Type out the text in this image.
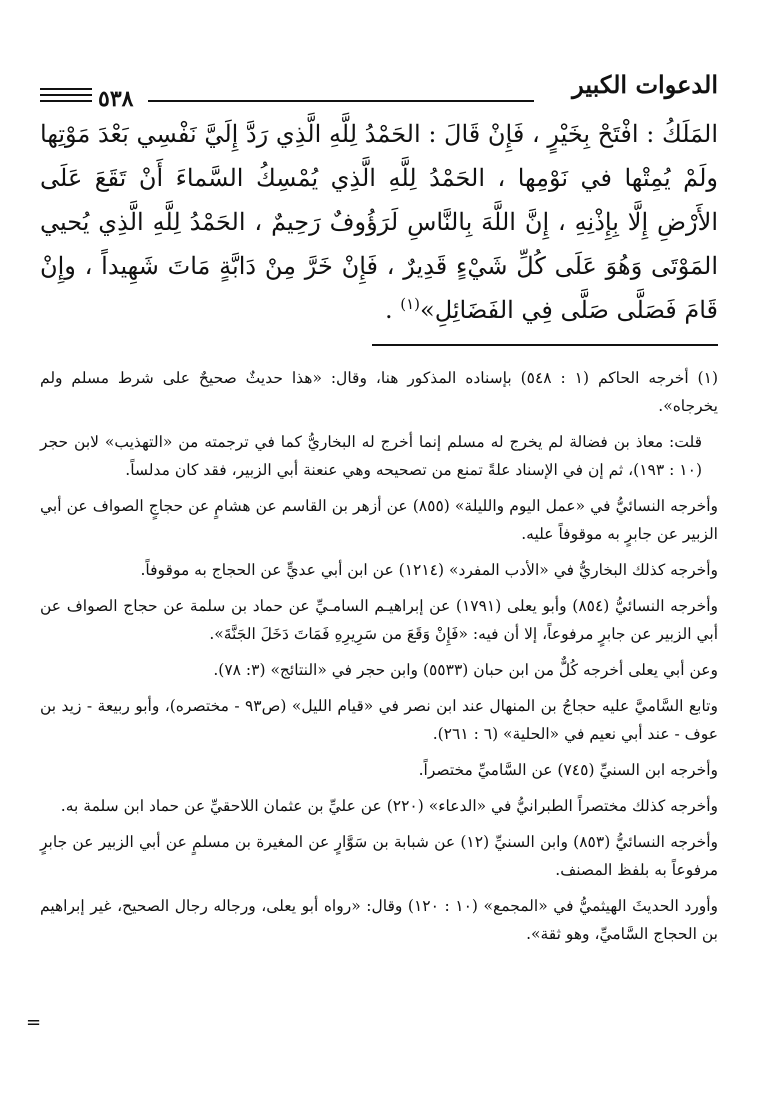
الدعوات الكبير
٥٣٨
المَلَكُ : افْتَحْ بِخَيْرٍ ، فَإِنْ قَالَ : الحَمْدُ لِلَّهِ الَّذِي رَدَّ إِلَيَّ نَفْسِي بَعْدَ مَوْتِها ولَمْ يُمِتْها في نَوْمِها ، الحَمْدُ لِلَّهِ الَّذِي يُمْسِكُ السَّماءَ أَنْ تَقَعَ عَلَى الأَرْضِ إِلَّا بِإِذْنِهِ ، إِنَّ اللَّهَ بِالنَّاسِ لَرَؤُوفٌ رَحِيمٌ ، الحَمْدُ لِلَّهِ الَّذِي يُحيي المَوْتَى وَهُوَ عَلَى كُلِّ شَيْءٍ قَدِيرٌ ، فَإِنْ خَرَّ مِنْ دَابَّةٍ مَاتَ شَهِيداً ، وإِنْ قَامَ فَصَلَّى صَلَّى فِي الفَضَائِلِ»$^{(١)}$ .

(١) أخرجه الحاكم (١ : ٥٤٨) بإسناده المذكور هنا، وقال: «هذا حديثٌ صحيحٌ على شرط مسلم ولم يخرجاه».

قلت: معاذ بن فضالة لم يخرج له مسلم إنما أخرج له البخاريُّ كما في ترجمته من «التهذيب» لابن حجر (١٠ : ١٩٣)، ثم إن في الإسناد علةً تمنع من تصحيحه وهي عنعنة أبي الزبير، فقد كان مدلساً.

وأخرجه النسائيُّ في «عمل اليوم والليلة» (٨٥٥) عن أزهر بن القاسم عن هشامٍ عن حجاجٍ الصواف عن أبي الزبير عن جابرٍ به موقوفاً عليه.

وأخرجه كذلك البخاريُّ في «الأدب المفرد» (١٢١٤) عن ابن أبي عديٍّ عن الحجاج به موقوفاً.

وأخرجه النسائيُّ (٨٥٤) وأبو يعلى (١٧٩١) عن إبراهيـم السامـيِّ عن حماد بن سلمة عن حجاج الصواف عن أبي الزبير عن جابرٍ مرفوعاً، إلا أن فيه: «فَإِنْ وَقَعَ من سَرِيرِهِ فَمَاتَ دَخَلَ الجَنَّةَ».

وعن أبي يعلى أخرجه كُلٌّ من ابن حبان (٥٥٣٣) وابن حجر في «النتائج» (٣: ٧٨).

وتابع السَّاميَّ عليه حجاجُ بن المنهال عند ابن نصر في «قيام الليل» (ص٩٣ - مختصره)، وأبو ربيعة - زيد بن عوف - عند أبي نعيم في «الحلية» (٦ : ٢٦١).

وأخرجه ابن السنيِّ (٧٤٥) عن السَّاميِّ مختصراً.

وأخرجه كذلك مختصراً الطبرانيُّ في «الدعاء» (٢٢٠) عن عليِّ بن عثمان اللاحقيِّ عن حماد ابن سلمة به.

وأخرجه النسائيُّ (٨٥٣) وابن السنيِّ (١٢) عن شبابة بن سَوَّارٍ عن المغيرة بن مسلمٍ عن أبي الزبير عن جابرٍ مرفوعاً به بلفظ المصنف.

وأورد الحديثَ الهيثميُّ في «المجمع» (١٠ : ١٢٠) وقال: «رواه أبو يعلى، ورجاله رجال الصحيح، غير إبراهيم بن الحجاج السَّاميِّ، وهو ثقة».

=
